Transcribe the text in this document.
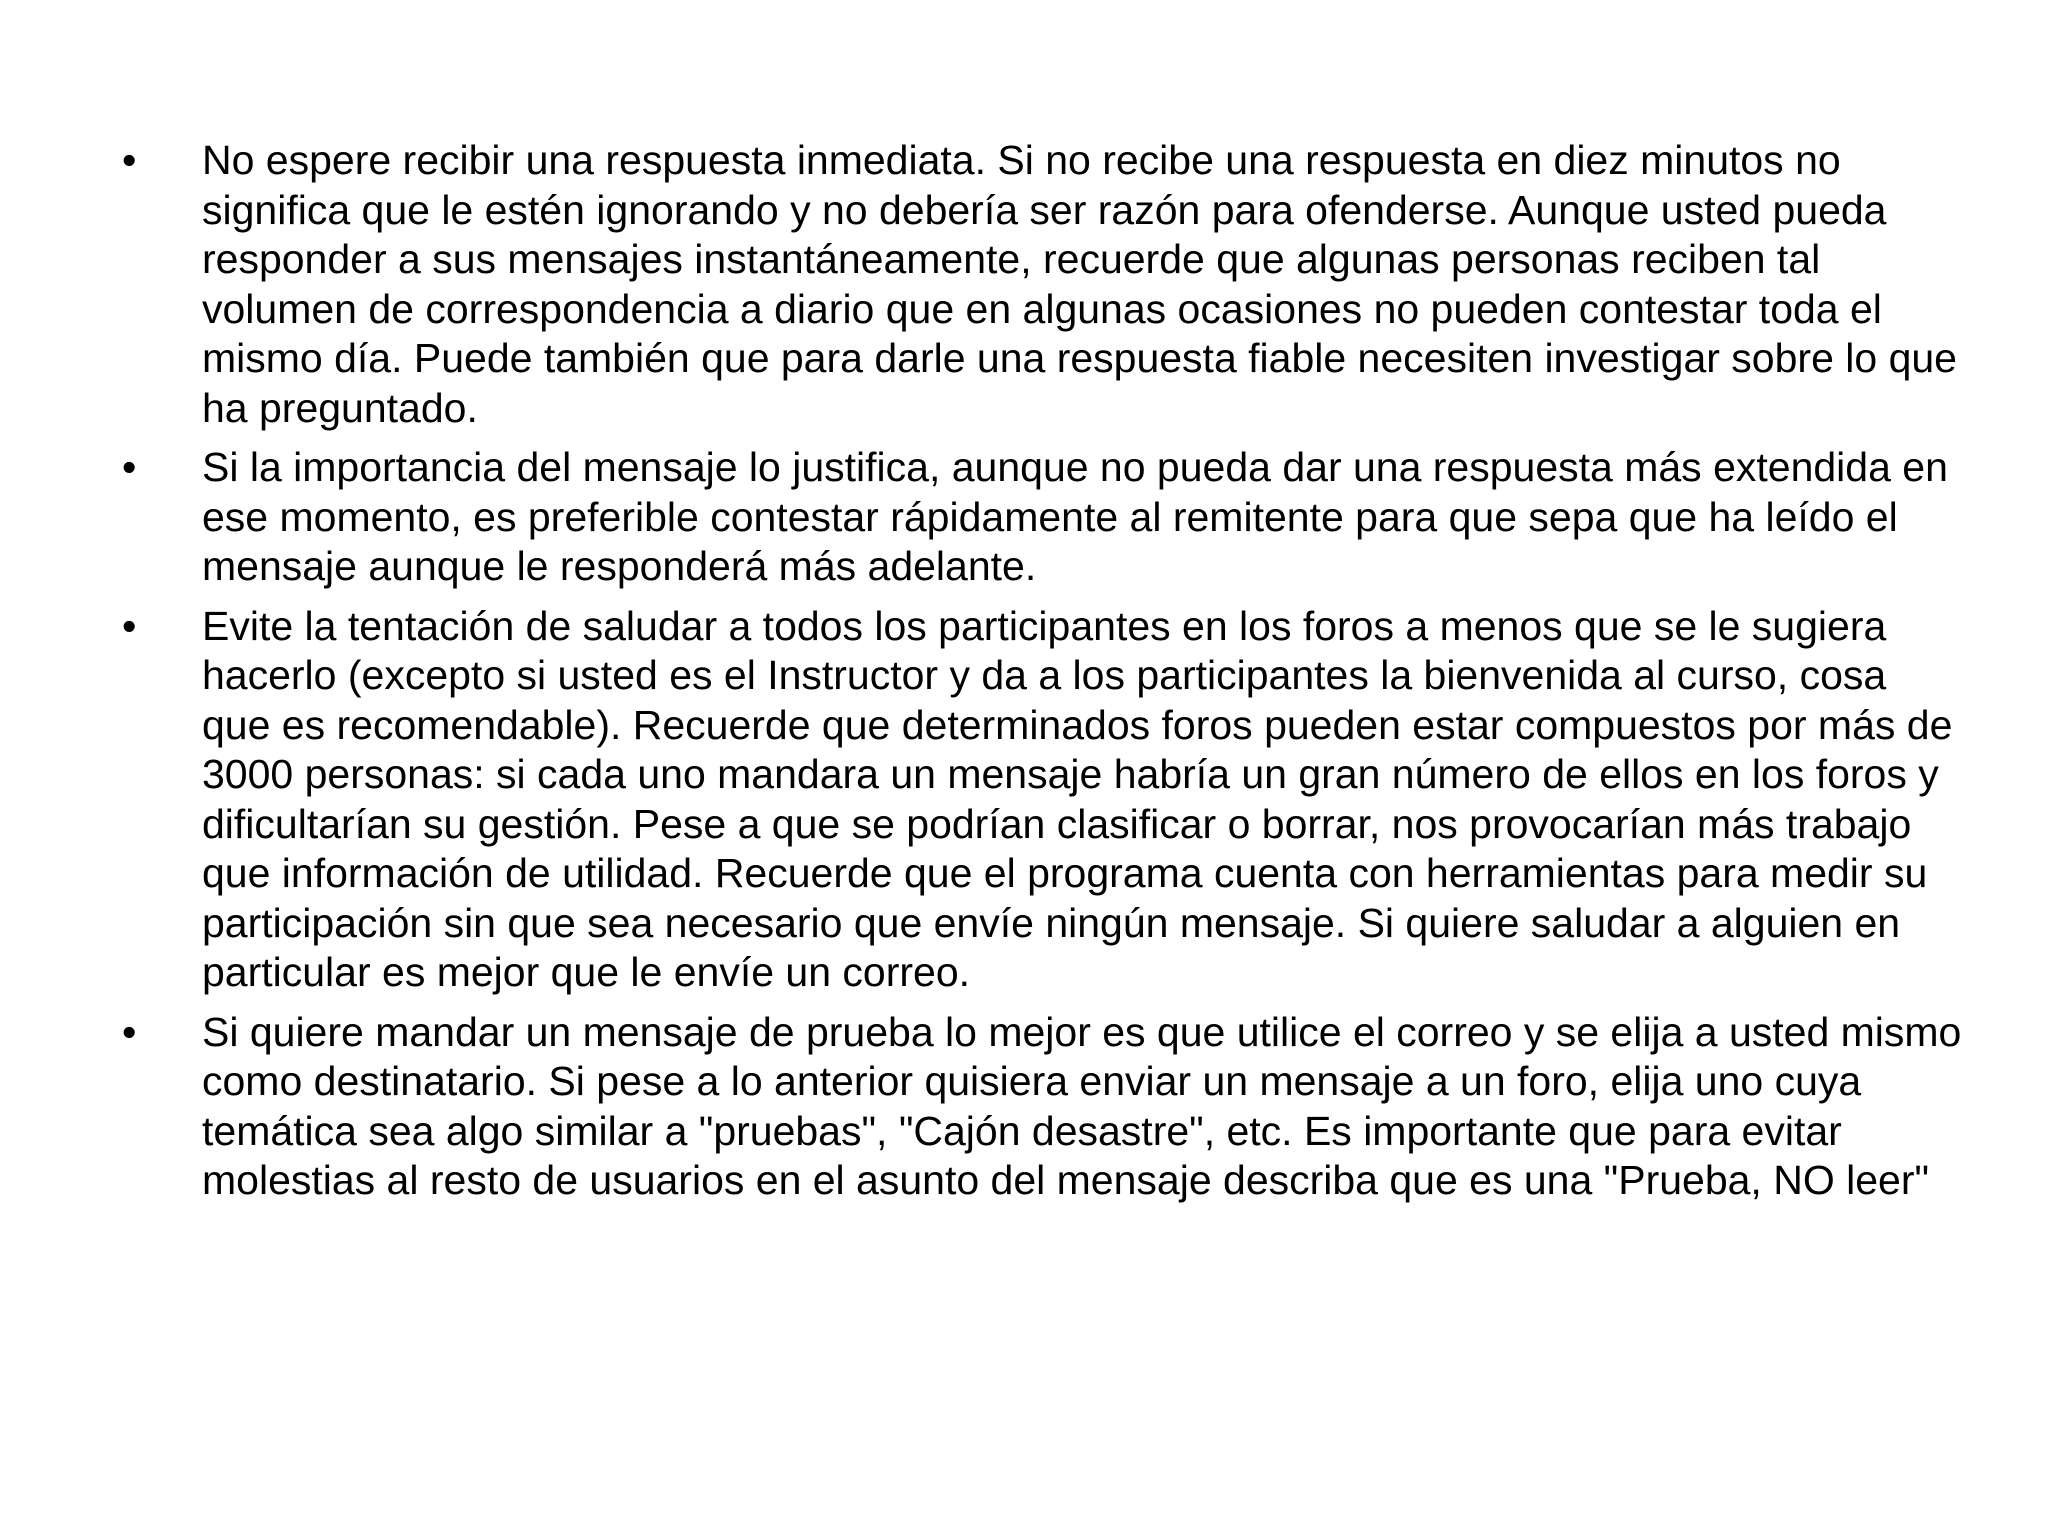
•	No espere recibir una respuesta inmediata. Si no recibe una respuesta en diez minutos no significa que le estén ignorando y no debería ser razón para ofenderse. Aunque usted pueda responder a sus mensajes instantáneamente, recuerde que algunas personas reciben tal volumen de correspondencia a diario que en algunas ocasiones no pueden contestar toda el mismo día. Puede también que para darle una respuesta fiable necesiten investigar sobre lo que ha preguntado.
•	Si la importancia del mensaje lo justifica, aunque no pueda dar una respuesta más extendida en ese momento, es preferible contestar rápidamente al remitente para que sepa que ha leído el mensaje aunque le responderá más adelante.
•	Evite la tentación de saludar a todos los participantes en los foros a menos que se le sugiera hacerlo (excepto si usted es el Instructor y da a los participantes la bienvenida al curso, cosa que es recomendable). Recuerde que determinados foros pueden estar compuestos por más de 3000 personas: si cada uno mandara un mensaje habría un gran número de ellos en los foros y dificultarían su gestión. Pese a que se podrían clasificar o borrar, nos provocarían más trabajo que información de utilidad. Recuerde que el programa cuenta con herramientas para medir su participación sin que sea necesario que envíe ningún mensaje. Si quiere saludar a alguien en particular es mejor que le envíe un correo.
•	Si quiere mandar un mensaje de prueba lo mejor es que utilice el correo y se elija a usted mismo como destinatario. Si pese a lo anterior quisiera enviar un mensaje a un foro, elija uno cuya temática sea algo similar a "pruebas", "Cajón desastre", etc. Es importante que para evitar molestias al resto de usuarios en el asunto del mensaje describa que es una "Prueba, NO leer"
